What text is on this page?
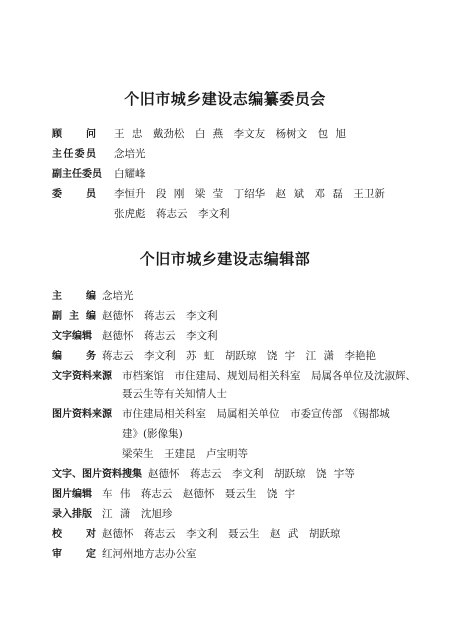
个旧市城乡建设志编纂委员会
顾 问 王 忠　戴劲松　白 燕　李文友　杨树文　包 旭
主 任 委 员 念培光
副主任委员 白耀峰
委 员 李恒升　段 刚　梁 莹　丁绍华　赵 斌　邓 磊　王卫新
张虎彪　蒋志云　李文利
个旧市城乡建设志编辑部
主 编 念培光
副 主 编 赵德怀　蒋志云　李文利
文字编辑 赵德怀　蒋志云　李文利
编 务 蒋志云　李文利　苏 虹　胡跃琼　饶 宇　江 潇　李艳艳
文字资料来源 市档案馆　市住建局、规划局相关科室　局属各单位及沈淑辉、
聂云生等有关知情人士
图片资料来源 市住建局相关科室　局属相关单位　市委宣传部　《锡都城
建》(影像集)
梁荣生　王建昆　卢宝明等
文字、图片资料搜集 赵德怀　蒋志云　李文利　胡跃琼　饶 宇等
图片编辑 车 伟　蒋志云　赵德怀　聂云生　饶 宇
录入排版 江 潇　沈旭珍
校 对 赵德怀　蒋志云　李文利　聂云生　赵 武　胡跃琼
审 定 红河州地方志办公室
